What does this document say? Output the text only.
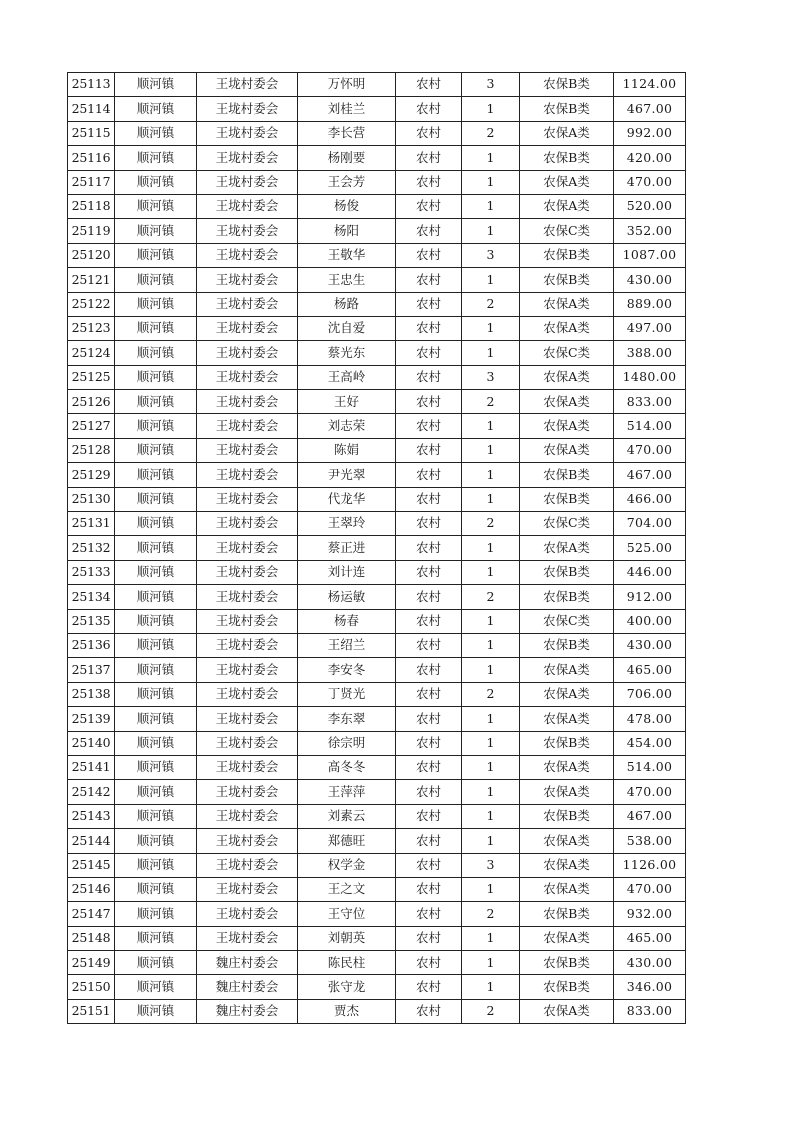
25113	顺河镇	王垅村委会	万怀明	农村	3	农保B类	1124.00
25114	顺河镇	王垅村委会	刘桂兰	农村	1	农保B类	467.00
25115	顺河镇	王垅村委会	李长营	农村	2	农保A类	992.00
25116	顺河镇	王垅村委会	杨刚要	农村	1	农保B类	420.00
25117	顺河镇	王垅村委会	王会芳	农村	1	农保A类	470.00
25118	顺河镇	王垅村委会	杨俊	农村	1	农保A类	520.00
25119	顺河镇	王垅村委会	杨阳	农村	1	农保C类	352.00
25120	顺河镇	王垅村委会	王敬华	农村	3	农保B类	1087.00
25121	顺河镇	王垅村委会	王忠生	农村	1	农保B类	430.00
25122	顺河镇	王垅村委会	杨路	农村	2	农保A类	889.00
25123	顺河镇	王垅村委会	沈自爱	农村	1	农保A类	497.00
25124	顺河镇	王垅村委会	蔡光东	农村	1	农保C类	388.00
25125	顺河镇	王垅村委会	王高岭	农村	3	农保A类	1480.00
25126	顺河镇	王垅村委会	王好	农村	2	农保A类	833.00
25127	顺河镇	王垅村委会	刘志荣	农村	1	农保A类	514.00
25128	顺河镇	王垅村委会	陈娟	农村	1	农保A类	470.00
25129	顺河镇	王垅村委会	尹光翠	农村	1	农保B类	467.00
25130	顺河镇	王垅村委会	代龙华	农村	1	农保B类	466.00
25131	顺河镇	王垅村委会	王翠玲	农村	2	农保C类	704.00
25132	顺河镇	王垅村委会	蔡正进	农村	1	农保A类	525.00
25133	顺河镇	王垅村委会	刘计连	农村	1	农保B类	446.00
25134	顺河镇	王垅村委会	杨运敏	农村	2	农保B类	912.00
25135	顺河镇	王垅村委会	杨春	农村	1	农保C类	400.00
25136	顺河镇	王垅村委会	王绍兰	农村	1	农保B类	430.00
25137	顺河镇	王垅村委会	李安冬	农村	1	农保A类	465.00
25138	顺河镇	王垅村委会	丁贤光	农村	2	农保A类	706.00
25139	顺河镇	王垅村委会	李东翠	农村	1	农保A类	478.00
25140	顺河镇	王垅村委会	徐宗明	农村	1	农保B类	454.00
25141	顺河镇	王垅村委会	高冬冬	农村	1	农保A类	514.00
25142	顺河镇	王垅村委会	王萍萍	农村	1	农保A类	470.00
25143	顺河镇	王垅村委会	刘素云	农村	1	农保B类	467.00
25144	顺河镇	王垅村委会	郑德旺	农村	1	农保A类	538.00
25145	顺河镇	王垅村委会	权学金	农村	3	农保A类	1126.00
25146	顺河镇	王垅村委会	王之文	农村	1	农保A类	470.00
25147	顺河镇	王垅村委会	王守位	农村	2	农保B类	932.00
25148	顺河镇	王垅村委会	刘朝英	农村	1	农保A类	465.00
25149	顺河镇	魏庄村委会	陈民柱	农村	1	农保B类	430.00
25150	顺河镇	魏庄村委会	张守龙	农村	1	农保B类	346.00
25151	顺河镇	魏庄村委会	贾杰	农村	2	农保A类	833.00
